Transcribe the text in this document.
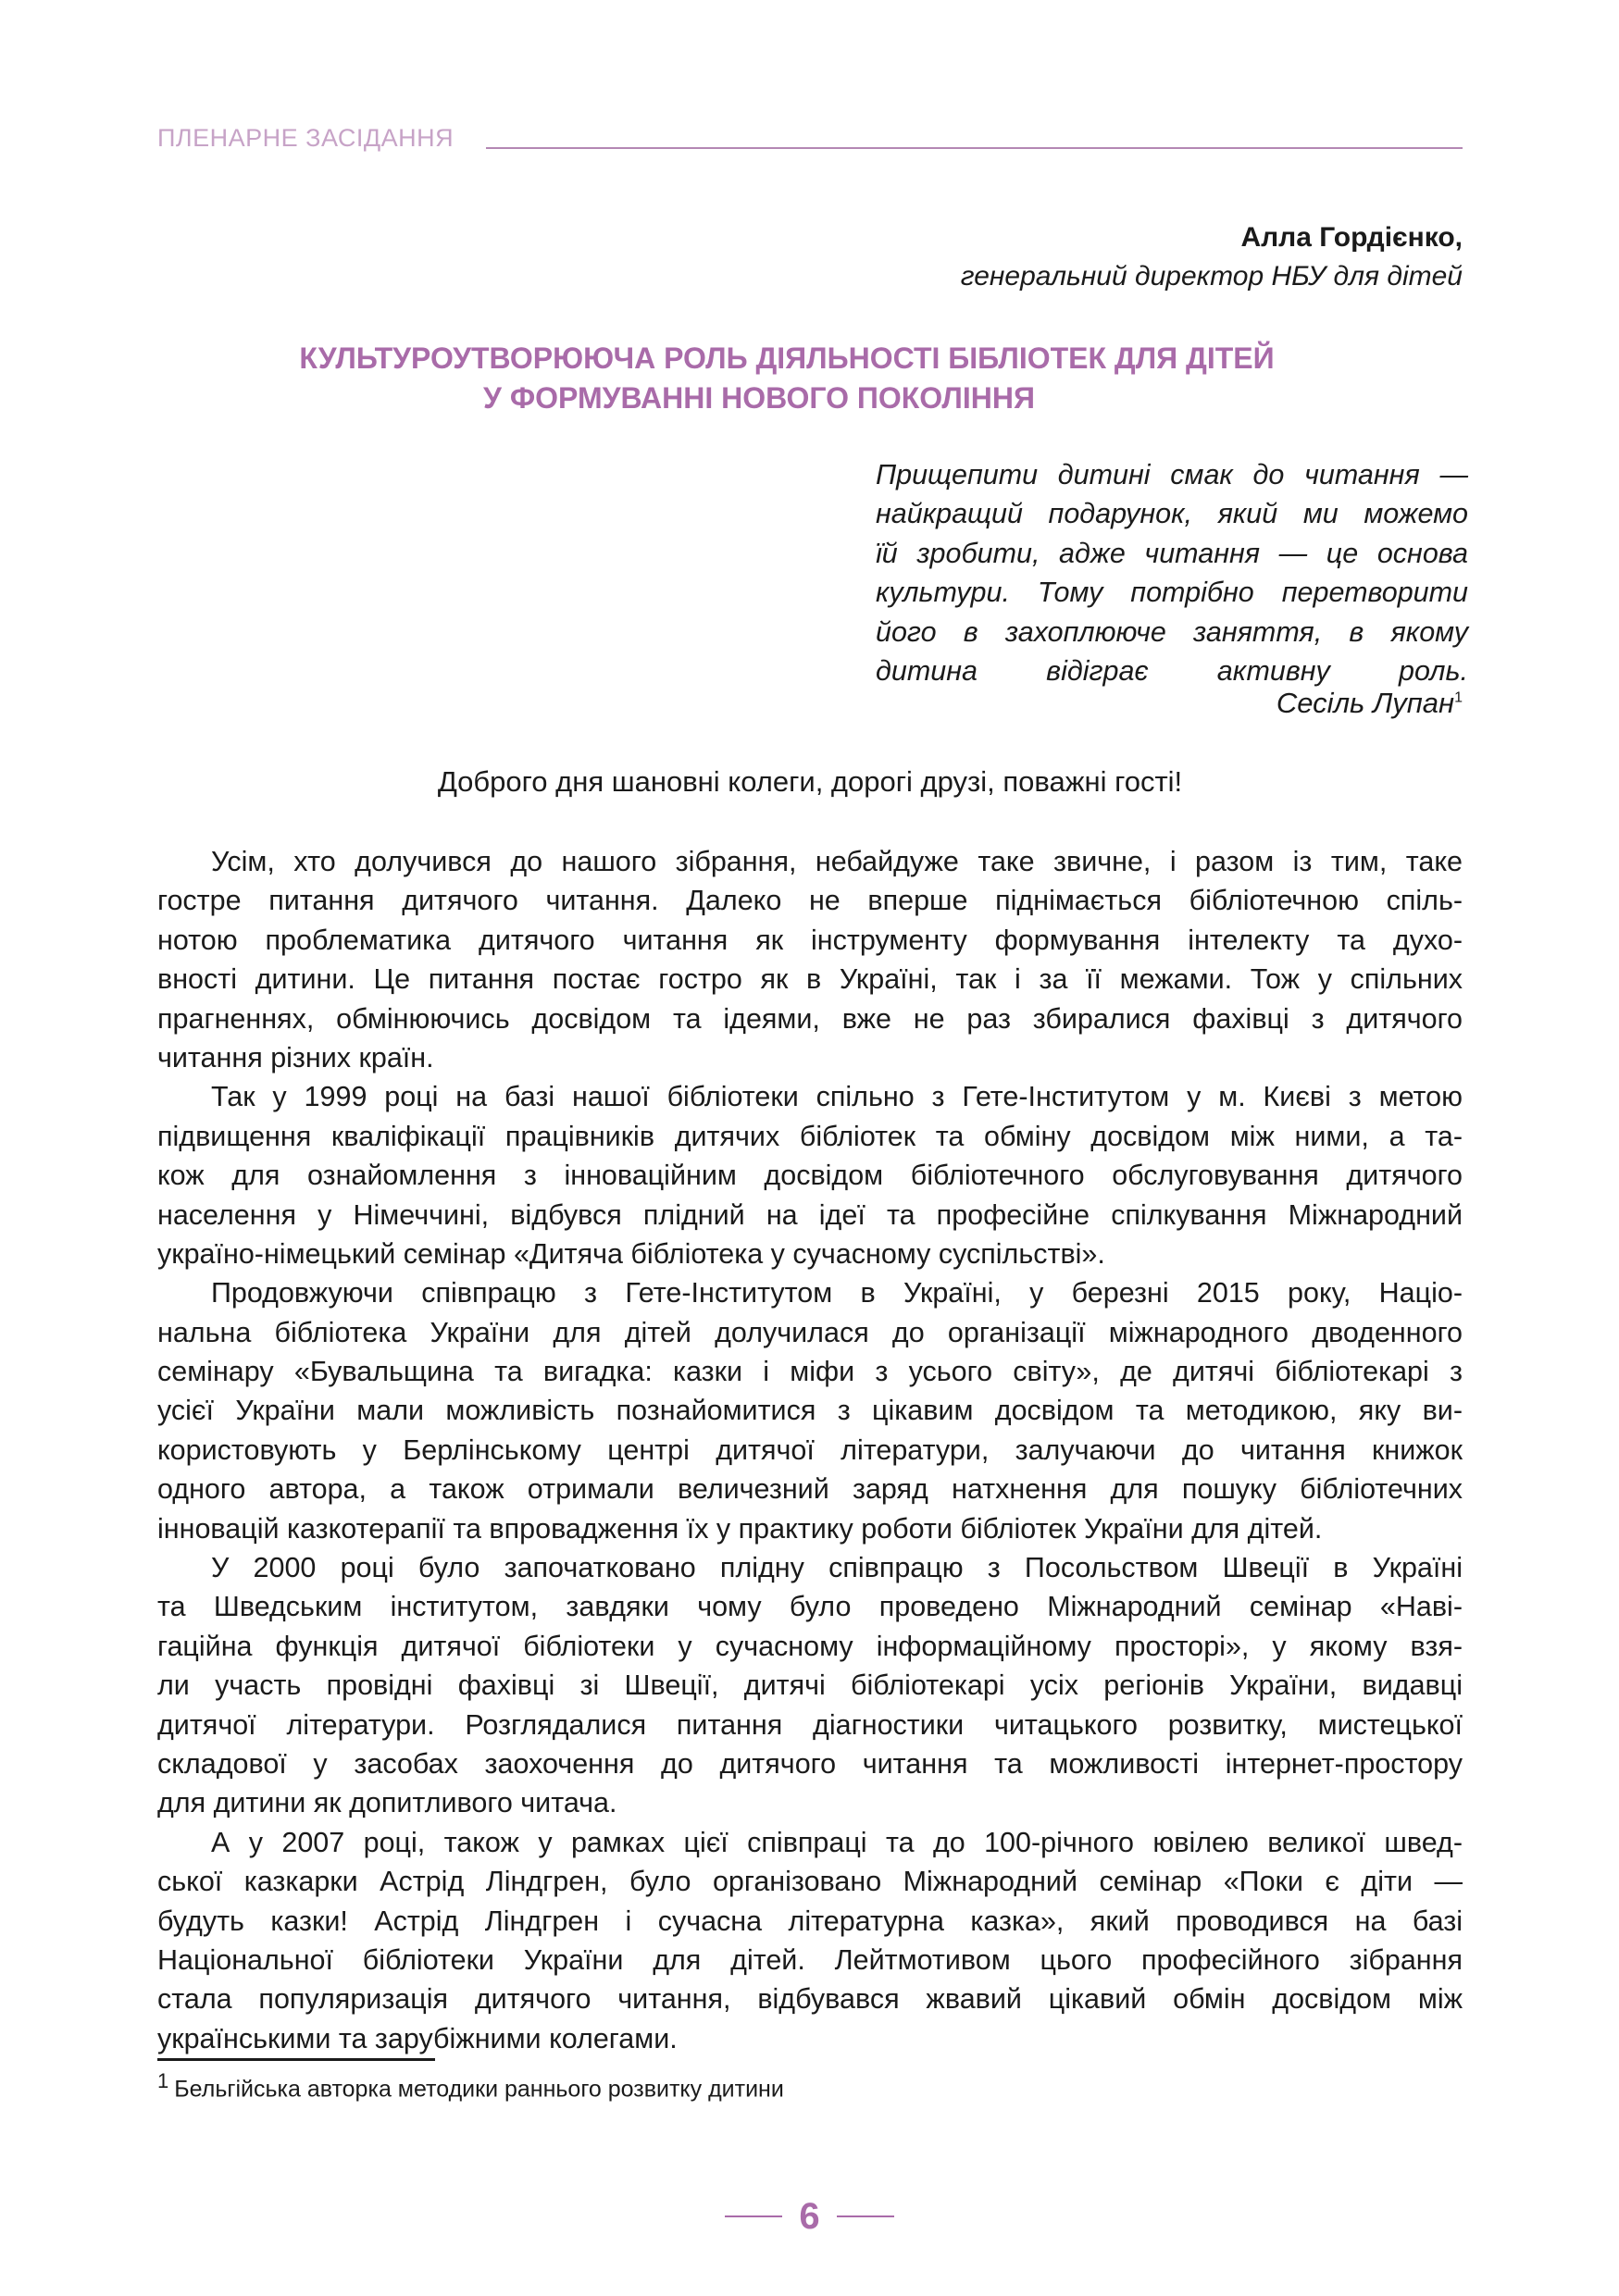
ПЛЕНАРНЕ ЗАСІДАННЯ
Алла Гордієнко,
генеральний директор НБУ для дітей
КУЛЬТУРОУТВОРЮЮЧА РОЛЬ ДІЯЛЬНОСТІ БІБЛІОТЕК ДЛЯ ДІТЕЙ
У ФОРМУВАННІ НОВОГО ПОКОЛІННЯ
Прищепити дитині смак до читання —
найкращий подарунок, який ми можемо
їй зробити, адже читання — це основа
культури. Тому потрібно перетворити
його в захоплююче заняття, в якому
дитина відіграє активну роль.
Сесіль Лупан$^1$
Доброго дня шановні колеги, дорогі друзі, поважні гості!
Усім, хто долучився до нашого зібрання, небайдуже таке звичне, і разом із тим, таке
гостре питання дитячого читання. Далеко не вперше піднімається бібліотечною спіль-
нотою проблематика дитячого читання як інструменту формування інтелекту та духо-
вності дитини. Це питання постає гостро як в Україні, так і за її межами. Тож у спільних
прагненнях, обмінюючись досвідом та ідеями, вже не раз збиралися фахівці з дитячого
читання різних країн.
Так у 1999 році на базі нашої бібліотеки спільно з Гете-Інститутом у м. Києві з метою
підвищення кваліфікації працівників дитячих бібліотек та обміну досвідом між ними, а та-
кож для ознайомлення з інноваційним досвідом бібліотечного обслуговування дитячого
населення у Німеччині, відбувся плідний на ідеї та професійне спілкування Міжнародний
україно-німецький семінар «Дитяча бібліотека у сучасному суспільстві».
Продовжуючи співпрацю з Гете-Інститутом в Україні, у березні 2015 року, Націо-
нальна бібліотека України для дітей долучилася до організації міжнародного дводенного
семінару «Бувальщина та вигадка: казки і міфи з усього світу», де дитячі бібліотекарі з
усієї України мали можливість познайомитися з цікавим досвідом та методикою, яку ви-
користовують у Берлінському центрі дитячої літератури, залучаючи до читання книжок
одного автора, а також отримали величезний заряд натхнення для пошуку бібліотечних
інновацій казкотерапії та впровадження їх у практику роботи бібліотек України для дітей.
У 2000 році було започатковано плідну співпрацю з Посольством Швеції в Україні
та Шведським інститутом, завдяки чому було проведено Міжнародний семінар «Наві-
гаційна функція дитячої бібліотеки у сучасному інформаційному просторі», у якому взя-
ли участь провідні фахівці зі Швеції, дитячі бібліотекарі усіх регіонів України, видавці
дитячої літератури. Розглядалися питання діагностики читацького розвитку, мистецької
складової у засобах заохочення до дитячого читання та можливості інтернет-простору
для дитини як допитливого читача.
А у 2007 році, також у рамках цієї співпраці та до 100-річного ювілею великої швед-
ської казкарки Астрід Ліндгрен, було організовано Міжнародний семінар «Поки є діти —
будуть казки! Астрід Ліндгрен і сучасна літературна казка», який проводився на базі
Національної бібліотеки України для дітей. Лейтмотивом цього професійного зібрання
стала популяризація дитячого читання, відбувався жвавий цікавий обмін досвідом між
українськими та зарубіжними колегами.
1 Бельгійська авторка методики раннього розвитку дитини
6
